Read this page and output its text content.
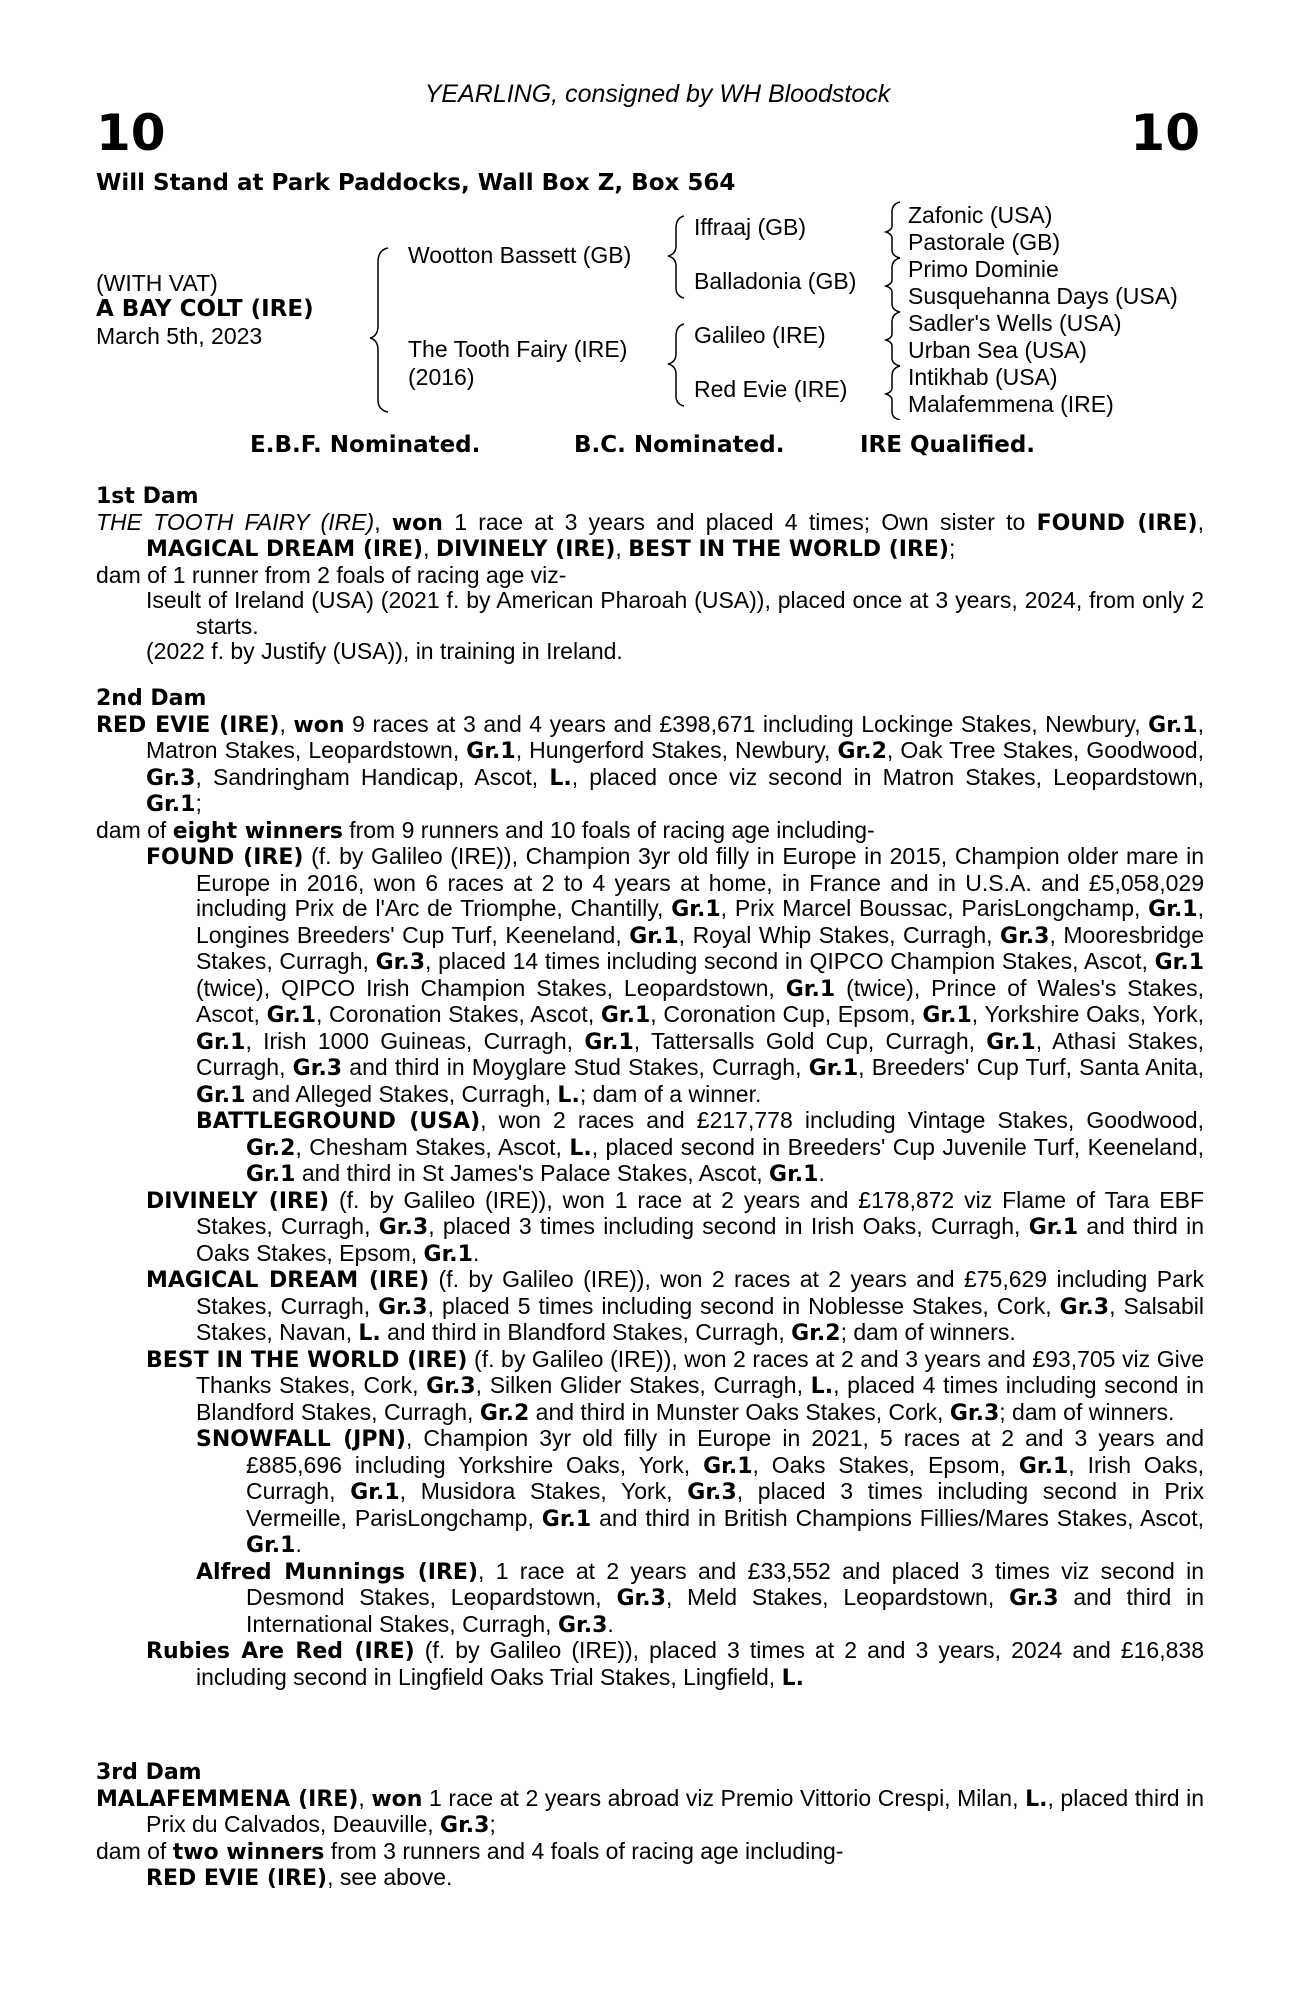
YEARLING, consigned by WH Bloodstock
10	10
Will Stand at Park Paddocks, Wall Box Z, Box 564
(WITH VAT)
A BAY COLT (IRE)
March 5th, 2023
Wootton Bassett (GB)
The Tooth Fairy (IRE)
(2016)
Iffraaj (GB)
Balladonia (GB)
Galileo (IRE)
Red Evie (IRE)
Zafonic (USA)
Pastorale (GB)
Primo Dominie
Susquehanna Days (USA)
Sadler's Wells (USA)
Urban Sea (USA)
Intikhab (USA)
Malafemmena (IRE)
E.B.F. Nominated.	B.C. Nominated.	IRE Qualified.
1st Dam
THE TOOTH FAIRY (IRE), won 1 race at 3 years and placed 4 times; Own sister to FOUND (IRE), MAGICAL DREAM (IRE), DIVINELY (IRE), BEST IN THE WORLD (IRE);
dam of 1 runner from 2 foals of racing age viz-
Iseult of Ireland (USA) (2021 f. by American Pharoah (USA)), placed once at 3 years, 2024, from only 2 starts.
(2022 f. by Justify (USA)), in training in Ireland.
2nd Dam
RED EVIE (IRE), won 9 races at 3 and 4 years and £398,671 including Lockinge Stakes, Newbury, Gr.1, Matron Stakes, Leopardstown, Gr.1, Hungerford Stakes, Newbury, Gr.2, Oak Tree Stakes, Goodwood, Gr.3, Sandringham Handicap, Ascot, L., placed once viz second in Matron Stakes, Leopardstown, Gr.1;
dam of eight winners from 9 runners and 10 foals of racing age including-
FOUND (IRE) (f. by Galileo (IRE)), Champion 3yr old filly in Europe in 2015, Champion older mare in Europe in 2016, won 6 races at 2 to 4 years at home, in France and in U.S.A. and £5,058,029 including Prix de l'Arc de Triomphe, Chantilly, Gr.1, Prix Marcel Boussac, ParisLongchamp, Gr.1, Longines Breeders' Cup Turf, Keeneland, Gr.1, Royal Whip Stakes, Curragh, Gr.3, Mooresbridge Stakes, Curragh, Gr.3, placed 14 times including second in QIPCO Champion Stakes, Ascot, Gr.1 (twice), QIPCO Irish Champion Stakes, Leopardstown, Gr.1 (twice), Prince of Wales's Stakes, Ascot, Gr.1, Coronation Stakes, Ascot, Gr.1, Coronation Cup, Epsom, Gr.1, Yorkshire Oaks, York, Gr.1, Irish 1000 Guineas, Curragh, Gr.1, Tattersalls Gold Cup, Curragh, Gr.1, Athasi Stakes, Curragh, Gr.3 and third in Moyglare Stud Stakes, Curragh, Gr.1, Breeders' Cup Turf, Santa Anita, Gr.1 and Alleged Stakes, Curragh, L.; dam of a winner.
BATTLEGROUND (USA), won 2 races and £217,778 including Vintage Stakes, Goodwood, Gr.2, Chesham Stakes, Ascot, L., placed second in Breeders' Cup Juvenile Turf, Keeneland, Gr.1 and third in St James's Palace Stakes, Ascot, Gr.1.
DIVINELY (IRE) (f. by Galileo (IRE)), won 1 race at 2 years and £178,872 viz Flame of Tara EBF Stakes, Curragh, Gr.3, placed 3 times including second in Irish Oaks, Curragh, Gr.1 and third in Oaks Stakes, Epsom, Gr.1.
MAGICAL DREAM (IRE) (f. by Galileo (IRE)), won 2 races at 2 years and £75,629 including Park Stakes, Curragh, Gr.3, placed 5 times including second in Noblesse Stakes, Cork, Gr.3, Salsabil Stakes, Navan, L. and third in Blandford Stakes, Curragh, Gr.2; dam of winners.
BEST IN THE WORLD (IRE) (f. by Galileo (IRE)), won 2 races at 2 and 3 years and £93,705 viz Give Thanks Stakes, Cork, Gr.3, Silken Glider Stakes, Curragh, L., placed 4 times including second in Blandford Stakes, Curragh, Gr.2 and third in Munster Oaks Stakes, Cork, Gr.3; dam of winners.
SNOWFALL (JPN), Champion 3yr old filly in Europe in 2021, 5 races at 2 and 3 years and £885,696 including Yorkshire Oaks, York, Gr.1, Oaks Stakes, Epsom, Gr.1, Irish Oaks, Curragh, Gr.1, Musidora Stakes, York, Gr.3, placed 3 times including second in Prix Vermeille, ParisLongchamp, Gr.1 and third in British Champions Fillies/Mares Stakes, Ascot, Gr.1.
Alfred Munnings (IRE), 1 race at 2 years and £33,552 and placed 3 times viz second in Desmond Stakes, Leopardstown, Gr.3, Meld Stakes, Leopardstown, Gr.3 and third in International Stakes, Curragh, Gr.3.
Rubies Are Red (IRE) (f. by Galileo (IRE)), placed 3 times at 2 and 3 years, 2024 and £16,838 including second in Lingfield Oaks Trial Stakes, Lingfield, L.
3rd Dam
MALAFEMMENA (IRE), won 1 race at 2 years abroad viz Premio Vittorio Crespi, Milan, L., placed third in Prix du Calvados, Deauville, Gr.3;
dam of two winners from 3 runners and 4 foals of racing age including-
RED EVIE (IRE), see above.
